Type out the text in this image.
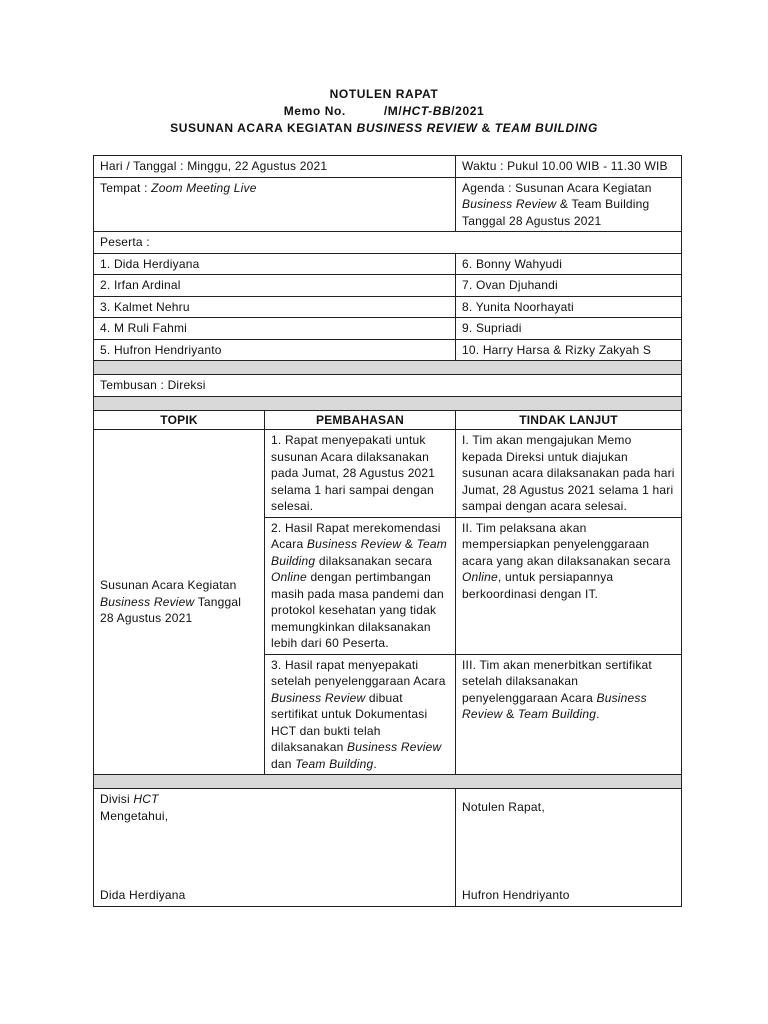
NOTULEN RAPAT
Memo No.	/M/HCT-BB/2021
SUSUNAN ACARA KEGIATAN BUSINESS REVIEW & TEAM BUILDING
Hari / Tanggal : Minggu, 22 Agustus 2021	Waktu : Pukul 10.00 WIB - 11.30 WIB
Tempat : Zoom Meeting Live	Agenda : Susunan Acara Kegiatan
Business Review & Team Building
Tanggal 28 Agustus 2021
Peserta :	
1. Dida Herdiyana	6. Bonny Wahyudi
2. Irfan Ardinal	7. Ovan Djuhandi
3. Kalmet Nehru	8. Yunita Noorhayati
4. M Ruli Fahmi	9. Supriadi
5. Hufron Hendriyanto	10. Harry Harsa & Rizky Zakyah S

Tembusan : Direksi	

TOPIK	PEMBAHASAN	TINDAK LANJUT
Susunan Acara Kegiatan
Business Review Tanggal
28 Agustus 2021	1. Rapat menyepakati untuk susunan Acara dilaksanakan pada Jumat, 28 Agustus 2021 selama 1 hari sampai dengan selesai.	I. Tim akan mengajukan Memo kepada Direksi untuk diajukan susunan acara dilaksanakan pada hari Jumat, 28 Agustus 2021 selama 1 hari sampai dengan acara selesai.
	2. Hasil Rapat merekomendasi Acara Business Review & Team Building dilaksanakan secara Online dengan pertimbangan masih pada masa pandemi dan protokol kesehatan yang tidak memungkinkan dilaksanakan lebih dari 60 Peserta.	II. Tim pelaksana akan mempersiapkan penyelenggaraan acara yang akan dilaksanakan secara Online, untuk persiapannya berkoordinasi dengan IT.
	3. Hasil rapat menyepakati setelah penyelenggaraan Acara Business Review dibuat sertifikat untuk Dokumentasi HCT dan bukti telah dilaksanakan Business Review dan Team Building.	III. Tim akan menerbitkan sertifikat setelah dilaksanakan penyelenggaraan Acara Business Review & Team Building.

Divisi HCT
Mengetahui,
Dida Herdiyana

Notulen Rapat,
Hufron Hendriyanto
